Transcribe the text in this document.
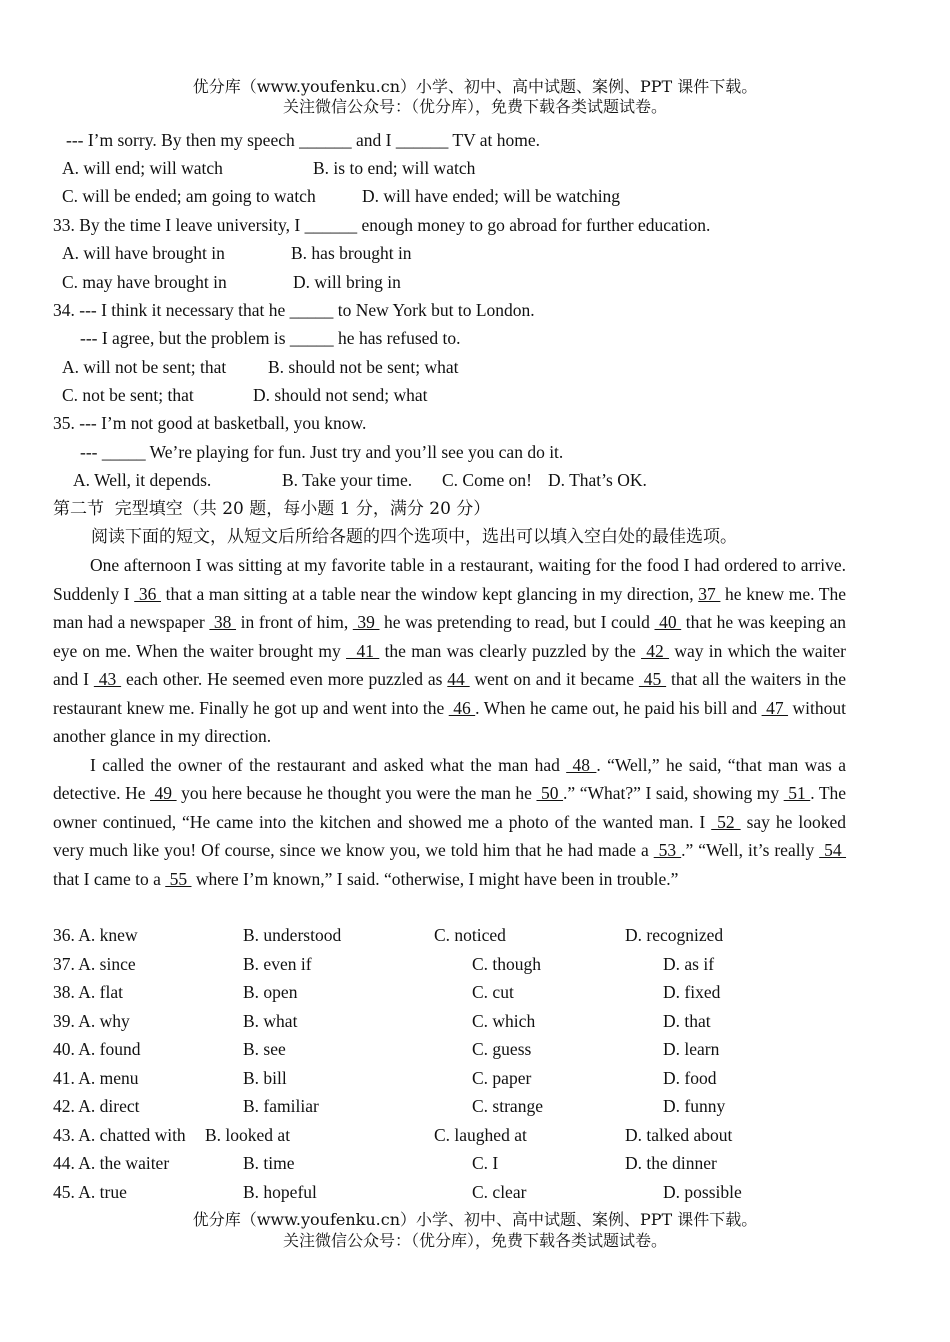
优分库（www.youfenku.cn）小学、初中、高中试题、案例、PPT 课件下载。
关注微信公众号：（优分库），免费下载各类试题试卷。
--- I’m sorry. By then my speech ______ and I ______ TV at home.
A. will end; will watch	B. is to end; will watch
C. will be ended; am going to watch	D. will have ended; will be watching
33. By the time I leave university, I ______ enough money to go abroad for further education.
A. will have brought in	B. has brought in
C. may have brought in	D. will bring in
34. --- I think it necessary that he _____ to New York but to London.
--- I agree, but the problem is _____ he has refused to.
A. will not be sent; that B. should not be sent; what
C. not be sent; that	D. should not send; what
35. --- I’m not good at basketball, you know.
--- _____ We’re playing for fun. Just try and you’ll see you can do it.
A. Well, it depends.	B. Take your time. C. Come on! D. That’s OK.
第二节  完型填空（共 20 题，每小题 1 分，满分 20 分）
阅读下面的短文，从短文后所给各题的四个选项中，选出可以填入空白处的最佳选项。

One afternoon I was sitting at my favorite table in a restaurant, waiting for the food I had ordered to arrive. Suddenly I  36  that a man sitting at a table near the window kept glancing in my direction, 37  he knew me. The man had a newspaper  38  in front of him,  39  he was pretending to read, but I could  40  that he was keeping an eye on me. When the waiter brought my   41  the man was clearly puzzled by the  42  way in which the waiter and I  43  each other. He seemed even more puzzled as 44  went on and it became  45  that all the waiters in the restaurant knew me. Finally he got up and went into the  46 . When he came out, he paid his bill and  47  without another glance in my direction.

I called the owner of the restaurant and asked what the man had  48 . “Well,” he said, “that man was a detective. He  49  you here because he thought you were the man he  50 .” “What?” I said, showing my  51 . The owner continued, “He came into the kitchen and showed me a photo of the wanted man. I  52  say he looked very much like you! Of course, since we know you, we told him that he had made a  53 .” “Well, it’s really  54  that I came to a  55  where I’m known,” I said. “otherwise, I might have been in trouble.”

36. A. knew	B. understood	C. noticed	D. recognized
37. A. since	B. even if	C. though	D. as if
38. A. flat	B. open	C. cut	D. fixed
39. A. why	B. what	C. which	D. that
40. A. found	B. see	C. guess	D. learn
41. A. menu	B. bill	C. paper	D. food
42. A. direct	B. familiar	C. strange	D. funny
43. A. chatted with B. looked at	C. laughed at	D. talked about
44. A. the waiter	B. time	C. I	D. the dinner
45. A. true	B. hopeful	C. clear	D. possible
优分库（www.youfenku.cn）小学、初中、高中试题、案例、PPT 课件下载。
关注微信公众号：（优分库），免费下载各类试题试卷。
